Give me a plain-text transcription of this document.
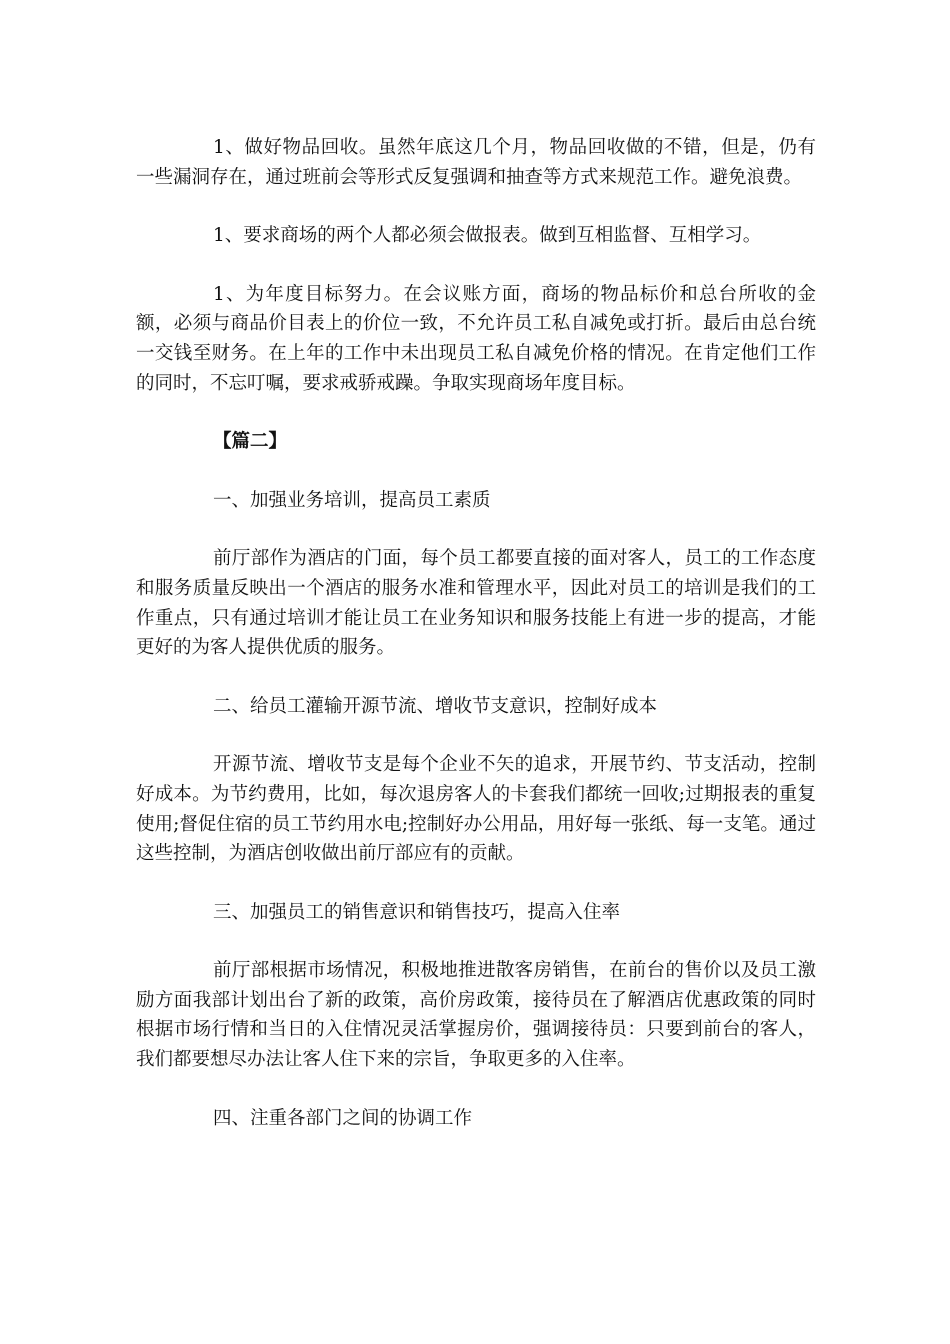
1、做好物品回收。虽然年底这几个月，物品回收做的不错，但是，仍有一些漏洞存在，通过班前会等形式反复强调和抽查等方式来规范工作。避免浪费。

1、要求商场的两个人都必须会做报表。做到互相监督、互相学习。

1、为年度目标努力。在会议账方面，商场的物品标价和总台所收的金额，必须与商品价目表上的价位一致，不允许员工私自减免或打折。最后由总台统一交钱至财务。在上年的工作中未出现员工私自减免价格的情况。在肯定他们工作的同时，不忘叮嘱，要求戒骄戒躁。争取实现商场年度目标。

【篇二】

一、加强业务培训，提高员工素质

前厅部作为酒店的门面，每个员工都要直接的面对客人，员工的工作态度和服务质量反映出一个酒店的服务水准和管理水平，因此对员工的培训是我们的工作重点，只有通过培训才能让员工在业务知识和服务技能上有进一步的提高，才能更好的为客人提供优质的服务。

二、给员工灌输开源节流、增收节支意识，控制好成本

开源节流、增收节支是每个企业不矢的追求，开展节约、节支活动，控制好成本。为节约费用，比如，每次退房客人的卡套我们都统一回收;过期报表的重复使用;督促住宿的员工节约用水电;控制好办公用品，用好每一张纸、每一支笔。通过这些控制，为酒店创收做出前厅部应有的贡献。

三、加强员工的销售意识和销售技巧，提高入住率

前厅部根据市场情况，积极地推进散客房销售，在前台的售价以及员工激励方面我部计划出台了新的政策，高价房政策，接待员在了解酒店优惠政策的同时根据市场行情和当日的入住情况灵活掌握房价，强调接待员：只要到前台的客人，我们都要想尽办法让客人住下来的宗旨，争取更多的入住率。

四、注重各部门之间的协调工作
